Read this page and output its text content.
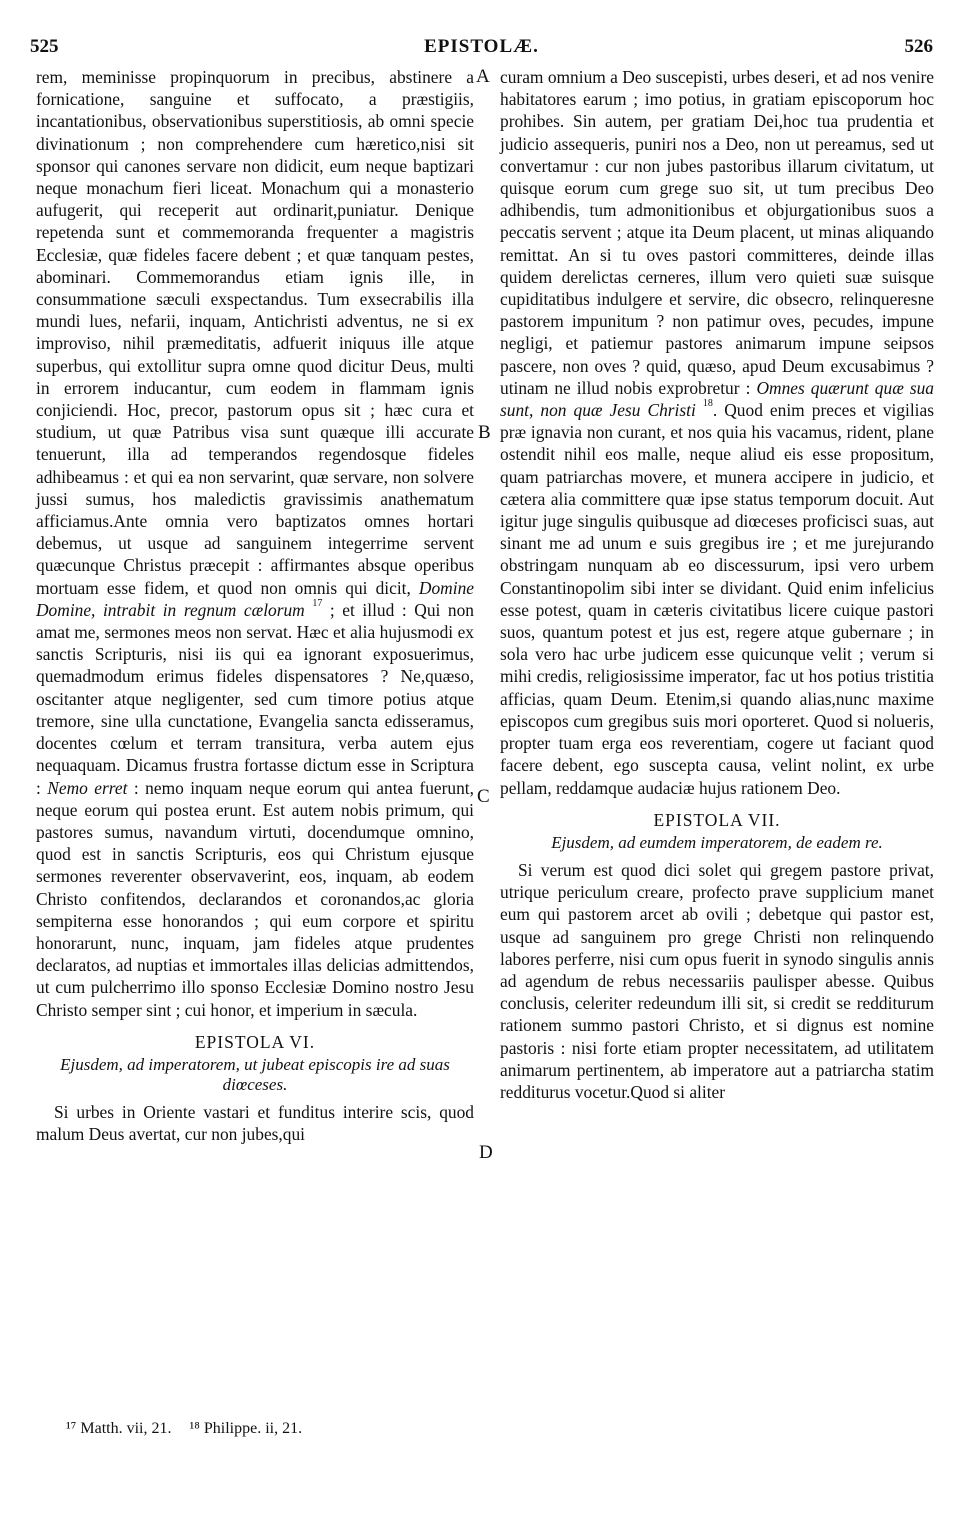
525	EPISTOLÆ.	526
A
B
C
D

rem, meminisse propinquorum in precibus, abstinere a fornicatione, sanguine et suffocato, a præstigiis, incantationibus, observationibus superstitiosis, ab omni specie divinationum ; non comprehendere cum hæretico,nisi sit sponsor qui canones servare non didicit, eum neque baptizari neque monachum fieri liceat. Monachum qui a monasterio aufugerit, qui receperit aut ordinarit,puniatur. Denique repetenda sunt et commemoranda frequenter a magistris Ecclesiæ, quæ fideles facere debent ; et quæ tanquam pestes, abominari. Commemorandus etiam ignis ille, in consummatione sæculi exspectandus. Tum exsecrabilis illa mundi lues, nefarii, inquam, Antichristi adventus, ne si ex improviso, nihil præmeditatis, adfuerit iniquus ille atque superbus, qui extollitur supra omne quod dicitur Deus, multi in errorem inducantur, cum eodem in flammam ignis conjiciendi. Hoc, precor, pastorum opus sit ; hæc cura et studium, ut quæ Patribus visa sunt quæque illi accurate tenuerunt, illa ad temperandos regendosque fideles adhibeamus : et qui ea non servarint, quæ servare, non solvere jussi sumus, hos maledictis gravissimis anathematum afficiamus.Ante omnia vero baptizatos omnes hortari debemus, ut usque ad sanguinem integerrime servent quæcunque Christus præcepit : affirmantes absque operibus mortuam esse fidem, et quod non omnis qui dicit, Domine Domine, intrabit in regnum cælorum $^{17}$ ; et illud : Qui non amat me, sermones meos non servat. Hæc et alia hujusmodi ex sanctis Scripturis, nisi iis qui ea ignorant exposuerimus, quemadmodum erimus fideles dispensatores ? Ne,quæso, oscitanter atque negligenter, sed cum timore potius atque tremore, sine ulla cunctatione, Evangelia sancta edisseramus, docentes cœlum et terram transitura, verba autem ejus nequaquam. Dicamus frustra fortasse dictum esse in Scriptura : Nemo erret : nemo inquam neque eorum qui antea fuerunt, neque eorum qui postea erunt. Est autem nobis primum, qui pastores sumus, navandum virtuti, docendumque omnino, quod est in sanctis Scripturis, eos qui Christum ejusque sermones reverenter observaverint, eos, inquam, ab eodem Christo confitendos, declarandos et coronandos,ac gloria sempiterna esse honorandos ; qui eum corpore et spiritu honorarunt, nunc, inquam, jam fideles atque prudentes declaratos, ad nuptias et immortales illas delicias admittendos, ut cum pulcherrimo illo sponso Ecclesiæ Domino nostro Jesu Christo semper sint ; cui honor, et imperium in sæcula.

EPISTOLA VI.
Ejusdem, ad imperatorem, ut jubeat episcopis ire ad suas diœceses.

Si urbes in Oriente vastari et funditus interire scis, quod malum Deus avertat, cur non jubes,qui

curam omnium a Deo suscepisti, urbes deseri, et ad nos venire habitatores earum ; imo potius, in gratiam episcoporum hoc prohibes. Sin autem, per gratiam Dei,hoc tua prudentia et judicio assequeris, puniri nos a Deo, non ut pereamus, sed ut convertamur : cur non jubes pastoribus illarum civitatum, ut quisque eorum cum grege suo sit, ut tum precibus Deo adhibendis, tum admonitionibus et objurgationibus suos a peccatis servent ; atque ita Deum placent, ut minas aliquando remittat. An si tu oves pastori committeres, deinde illas quidem derelictas cerneres, illum vero quieti suæ suisque cupiditatibus indulgere et servire, dic obsecro, relinqueresne pastorem impunitum ? non patimur oves, pecudes, impune negligi, et patiemur pastores animarum impune seipsos pascere, non oves ? quid, quæso, apud Deum excusabimus ? utinam ne illud nobis exprobretur : Omnes quærunt quæ sua sunt, non quæ Jesu Christi $^{18}$. Quod enim preces et vigilias præ ignavia non curant, et nos quia his vacamus, rident, plane ostendit nihil eos malle, neque aliud eis esse propositum, quam patriarchas movere, et munera accipere in judicio, et cætera alia committere quæ ipse status temporum docuit. Aut igitur juge singulis quibusque ad diœceses proficisci suas, aut sinant me ad unum e suis gregibus ire ; et me jurejurando obstringam nunquam ab eo discessurum, ipsi vero urbem Constantinopolim sibi inter se dividant. Quid enim infelicius esse potest, quam in cæteris civitatibus licere cuique pastori suos, quantum potest et jus est, regere atque gubernare ; in sola vero hac urbe judicem esse quicunque velit ; verum si mihi credis, religiosissime imperator, fac ut hos potius tristitia afficias, quam Deum. Etenim,si quando alias,nunc maxime episcopos cum gregibus suis mori oporteret. Quod si nolueris, propter tuam erga eos reverentiam, cogere ut faciant quod facere debent, ego suscepta causa, velint nolint, ex urbe pellam, reddamque audaciæ hujus rationem Deo.

EPISTOLA VII.
Ejusdem, ad eumdem imperatorem, de eadem re.

Si verum est quod dici solet qui gregem pastore privat, utrique periculum creare, profecto prave supplicium manet eum qui pastorem arcet ab ovili ; debetque qui pastor est, usque ad sanguinem pro grege Christi non relinquendo labores perferre, nisi cum opus fuerit in synodo singulis annis ad agendum de rebus necessariis paulisper abesse. Quibus conclusis, celeriter redeundum illi sit, si credit se redditurum rationem summo pastori Christo, et si dignus est nomine pastoris : nisi forte etiam propter necessitatem, ad utilitatem animarum pertinentem, ab imperatore aut a patriarcha statim redditurus vocetur.Quod si aliter

¹⁷ Matth. vii, 21. ¹⁸ Philippe. ii, 21.
